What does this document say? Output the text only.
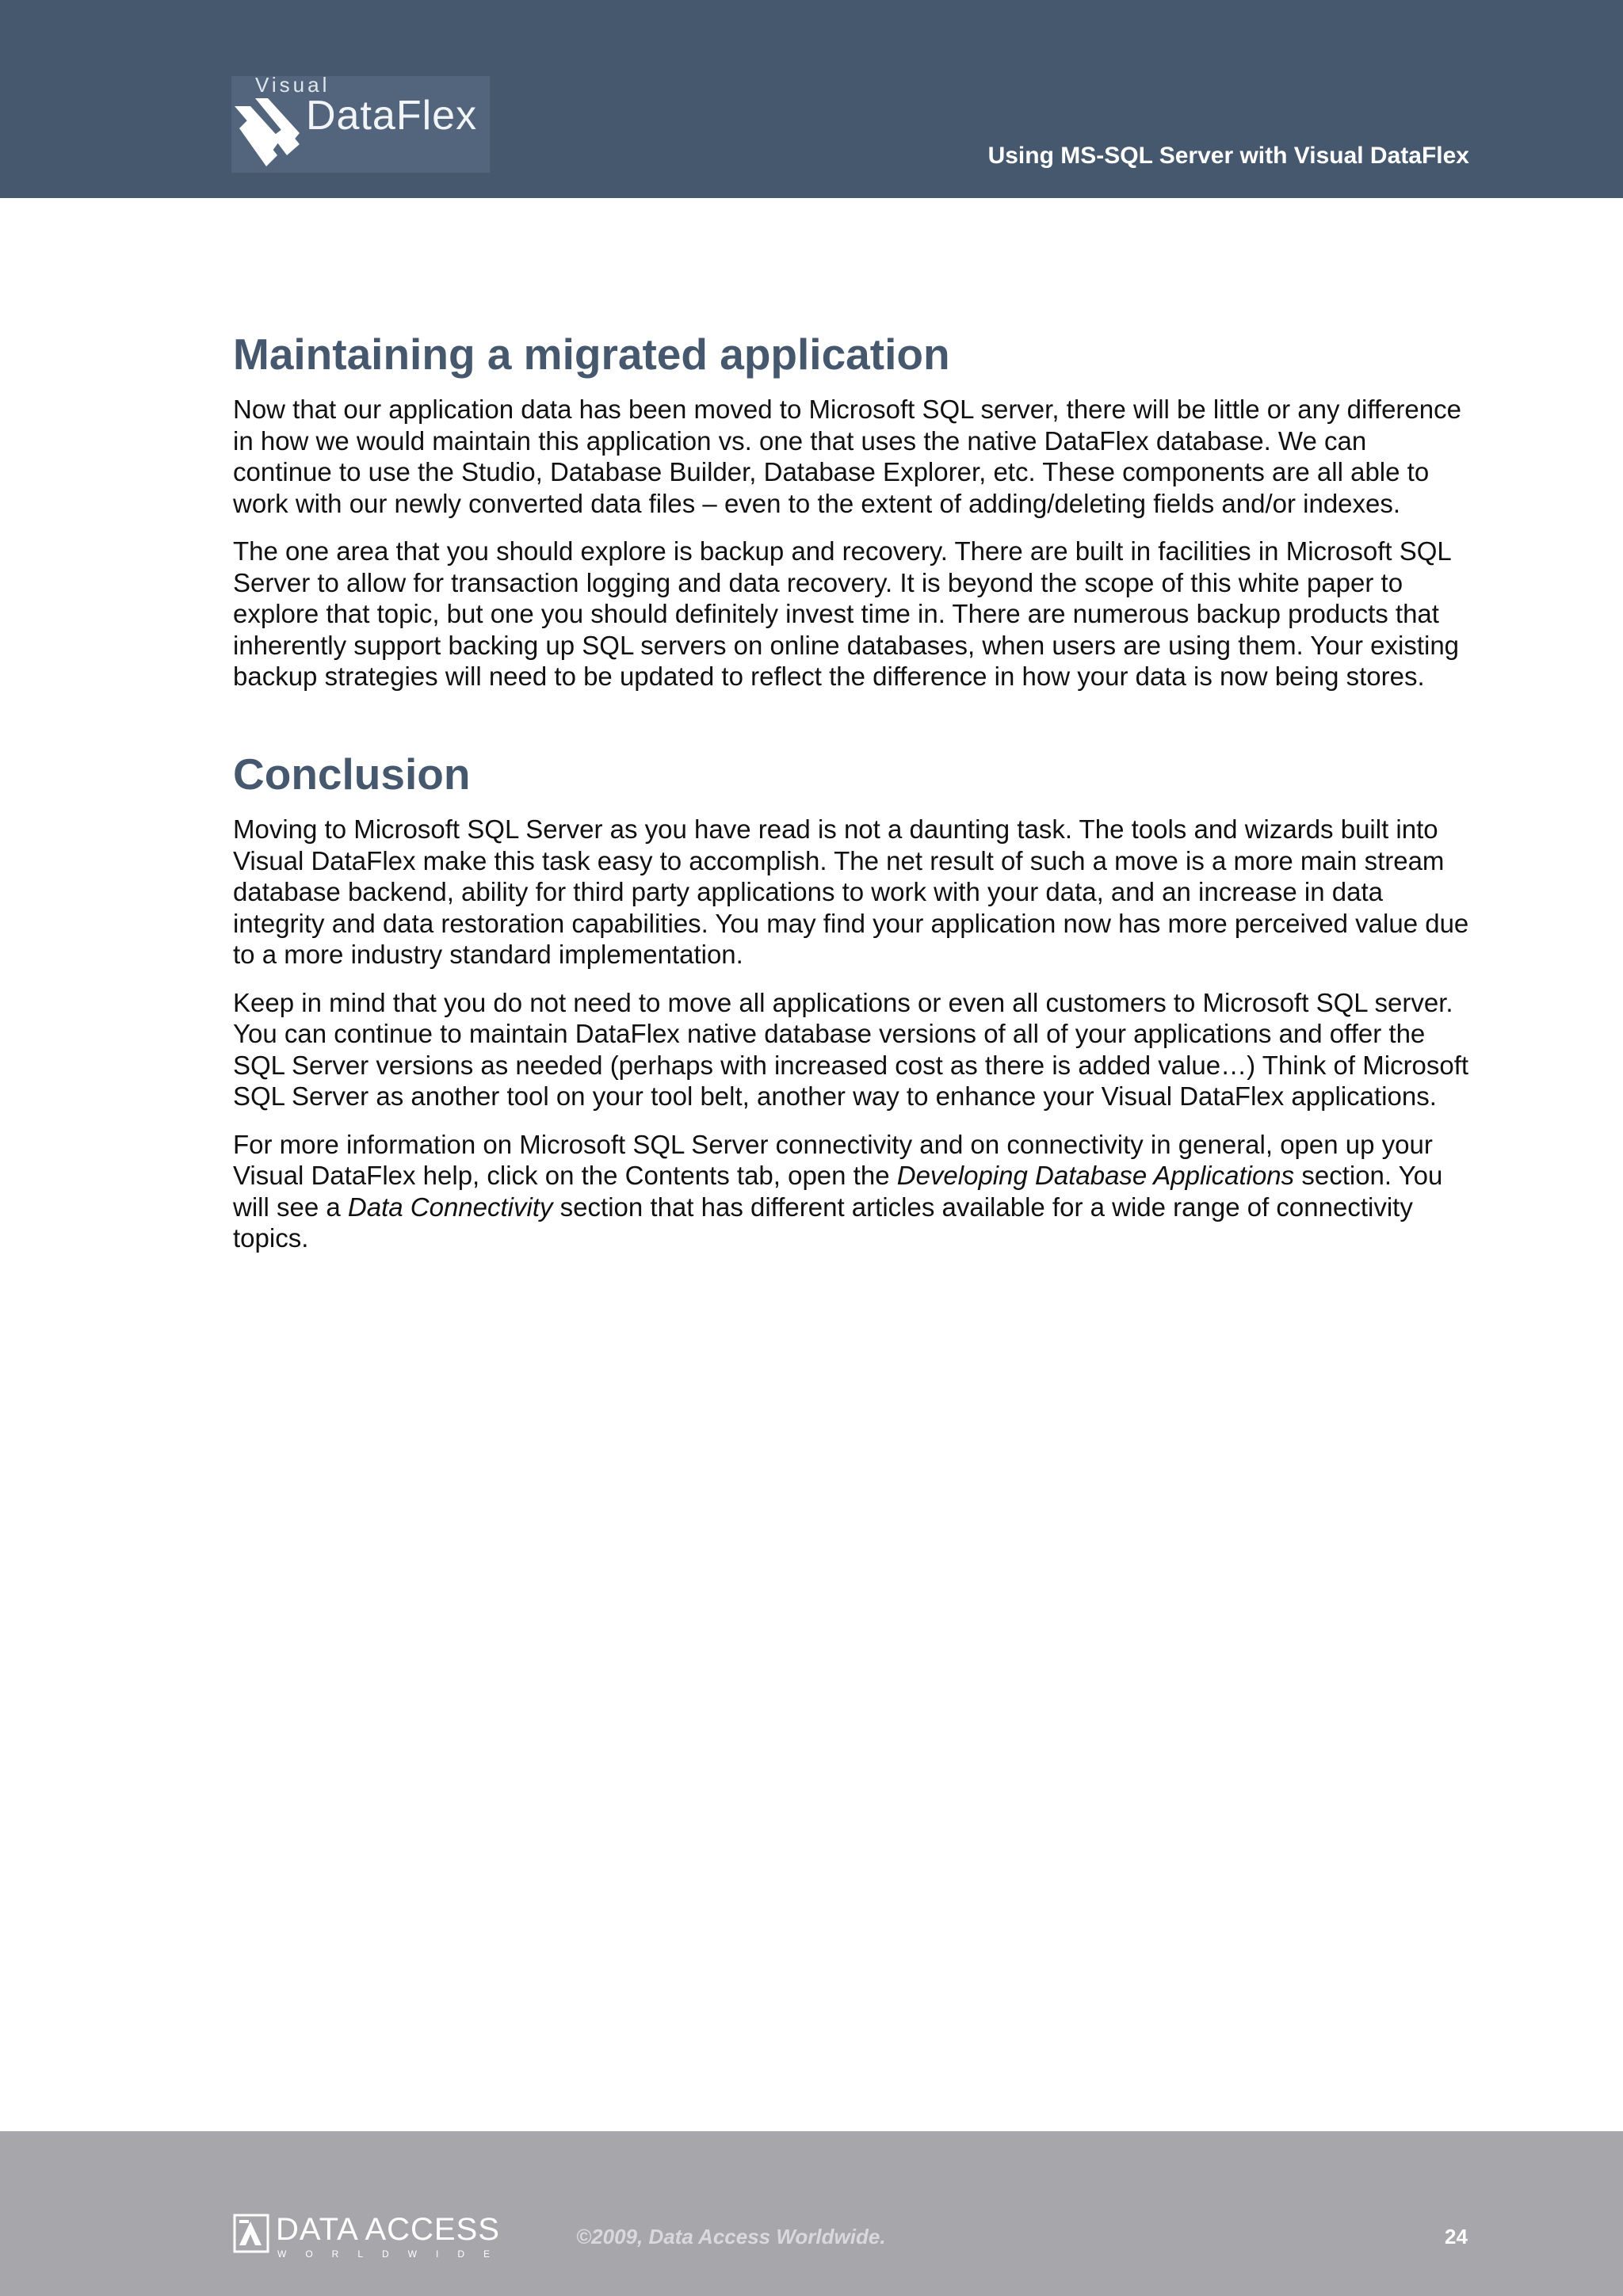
Visual
DataFlex
Using MS-SQL Server with Visual DataFlex
Maintaining a migrated application

Now that our application data has been moved to Microsoft SQL server, there will be little or any difference in how we would maintain this application vs. one that uses the native DataFlex database. We can continue to use the Studio, Database Builder, Database Explorer, etc. These components are all able to work with our newly converted data files – even to the extent of adding/deleting fields and/or indexes.

The one area that you should explore is backup and recovery. There are built in facilities in Microsoft SQL Server to allow for transaction logging and data recovery. It is beyond the scope of this white paper to explore that topic, but one you should definitely invest time in. There are numerous backup products that inherently support backing up SQL servers on online databases, when users are using them. Your existing backup strategies will need to be updated to reflect the difference in how your data is now being stores.

Conclusion

Moving to Microsoft SQL Server as you have read is not a daunting task. The tools and wizards built into Visual DataFlex make this task easy to accomplish. The net result of such a move is a more main stream database backend, ability for third party applications to work with your data, and an increase in data integrity and data restoration capabilities. You may find your application now has more perceived value due to a more industry standard implementation.

Keep in mind that you do not need to move all applications or even all customers to Microsoft SQL server. You can continue to maintain DataFlex native database versions of all of your applications and offer the SQL Server versions as needed (perhaps with increased cost as there is added value…) Think of Microsoft SQL Server as another tool on your tool belt, another way to enhance your Visual DataFlex applications.

For more information on Microsoft SQL Server connectivity and on connectivity in general, open up your Visual DataFlex help, click on the Contents tab, open the Developing Database Applications section. You will see a Data Connectivity section that has different articles available for a wide range of connectivity topics.

DATA ACCESS
WORLDWIDE
©2009, Data Access Worldwide.	24
